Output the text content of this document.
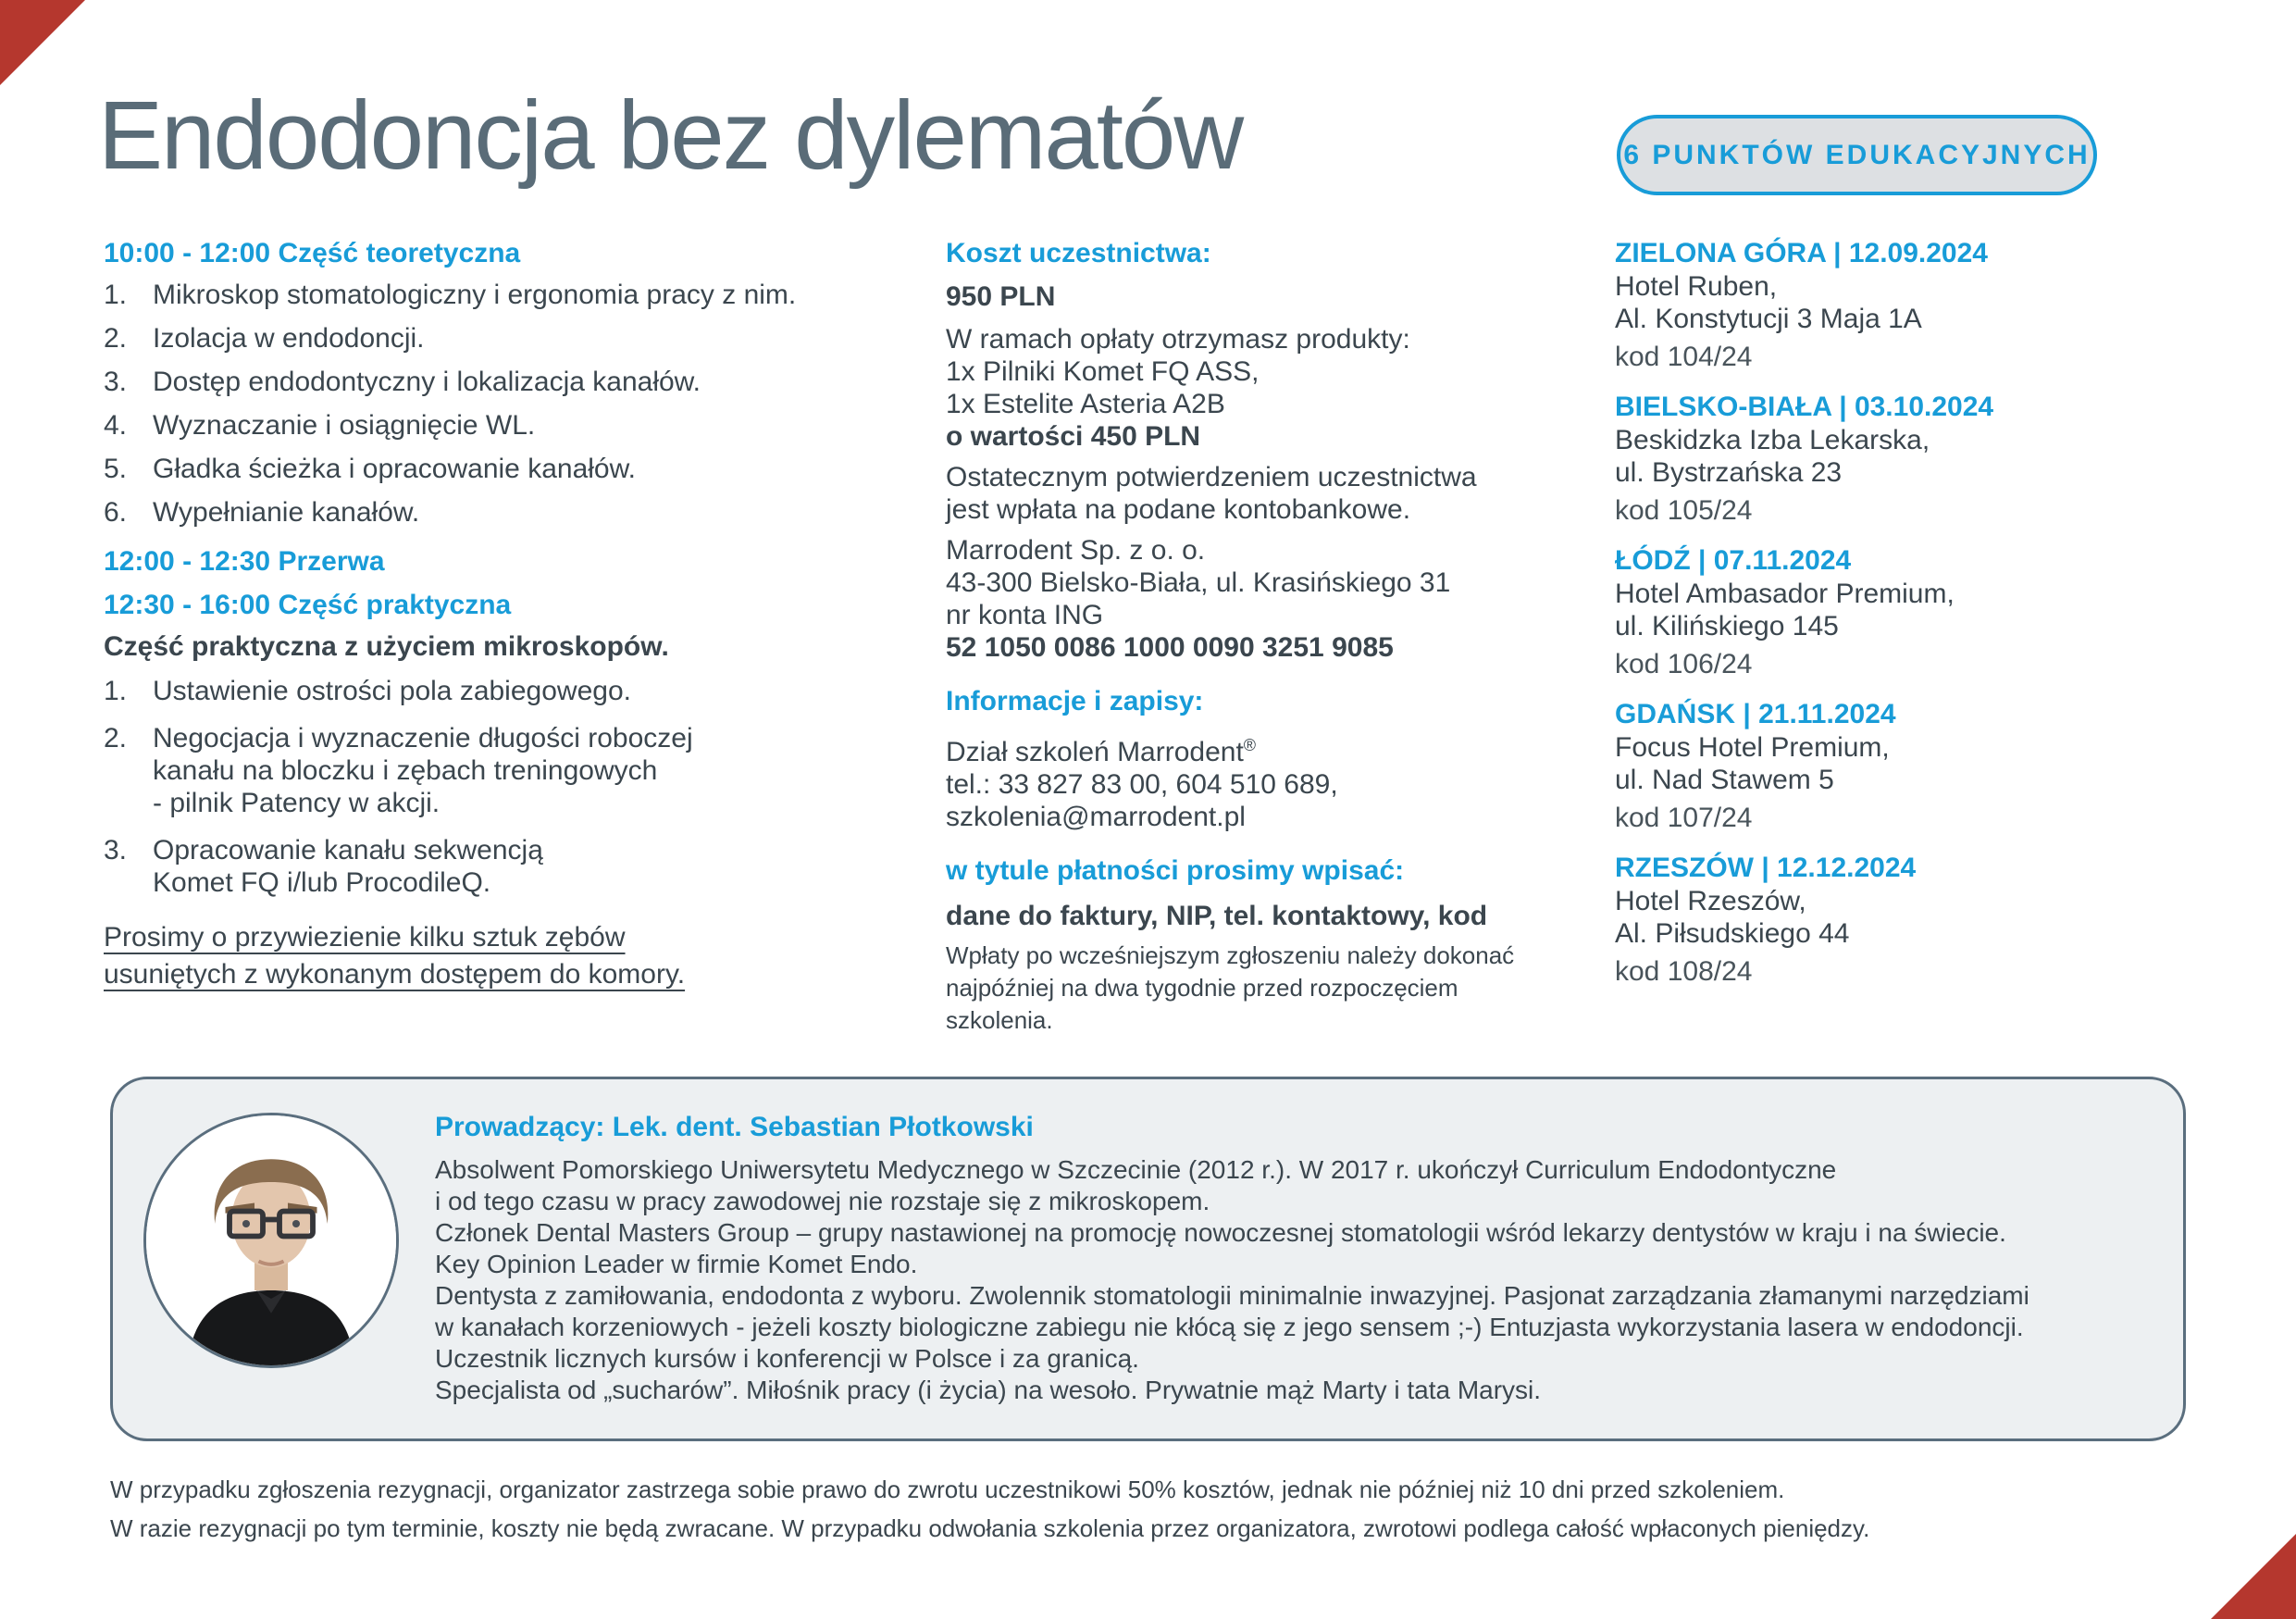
Endodoncja bez dylematów	6 PUNKTÓW EDUKACYJNYCH
10:00 - 12:00 Część teoretyczna
1. Mikroskop stomatologiczny i ergonomia pracy z nim.
2. Izolacja w endodoncji.
3. Dostęp endodontyczny i lokalizacja kanałów.
4. Wyznaczanie i osiągnięcie WL.
5. Gładka ścieżka i opracowanie kanałów.
6. Wypełnianie kanałów.
12:00 - 12:30 Przerwa
12:30 - 16:00 Część praktyczna
Część praktyczna z użyciem mikroskopów.
1. Ustawienie ostrości pola zabiegowego.
2. Negocjacja i wyznaczenie długości roboczej
kanału na bloczku i zębach treningowych
- pilnik Patency w akcji.
3. Opracowanie kanału sekwencją
Komet FQ i/lub ProcodileQ.
Prosimy o przywiezienie kilku sztuk zębów
usuniętych z wykonanym dostępem do komory.
Koszt uczestnictwa:
950 PLN
W ramach opłaty otrzymasz produkty:
1x Pilniki Komet FQ ASS,
1x Estelite Asteria A2B
o wartości 450 PLN
Ostatecznym potwierdzeniem uczestnictwa
jest wpłata na podane kontobankowe.
Marrodent Sp. z o. o.
43-300 Bielsko-Biała, ul. Krasińskiego 31
nr konta ING
52 1050 0086 1000 0090 3251 9085
Informacje i zapisy:
Dział szkoleń Marrodent®
tel.: 33 827 83 00, 604 510 689,
szkolenia@marrodent.pl
w tytule płatności prosimy wpisać:
dane do faktury, NIP, tel. kontaktowy, kod
Wpłaty po wcześniejszym zgłoszeniu należy dokonać
najpóźniej na dwa tygodnie przed rozpoczęciem
szkolenia.
ZIELONA GÓRA | 12.09.2024
Hotel Ruben,
Al. Konstytucji 3 Maja 1A
kod 104/24
BIELSKO-BIAŁA | 03.10.2024
Beskidzka Izba Lekarska,
ul. Bystrzańska 23
kod 105/24
ŁÓDŹ | 07.11.2024
Hotel Ambasador Premium,
ul. Kilińskiego 145
kod 106/24
GDAŃSK | 21.11.2024
Focus Hotel Premium,
ul. Nad Stawem 5
kod 107/24
RZESZÓW | 12.12.2024
Hotel Rzeszów,
Al. Piłsudskiego 44
kod 108/24
Prowadzący: Lek. dent. Sebastian Płotkowski
Absolwent Pomorskiego Uniwersytetu Medycznego w Szczecinie (2012 r.). W 2017 r. ukończył Curriculum Endodontyczne
i od tego czasu w pracy zawodowej nie rozstaje się z mikroskopem.
Członek Dental Masters Group – grupy nastawionej na promocję nowoczesnej stomatologii wśród lekarzy dentystów w kraju i na świecie.
Key Opinion Leader w firmie Komet Endo.
Dentysta z zamiłowania, endodonta z wyboru. Zwolennik stomatologii minimalnie inwazyjnej. Pasjonat zarządzania złamanymi narzędziami
w kanałach korzeniowych - jeżeli koszty biologiczne zabiegu nie kłócą się z jego sensem ;-) Entuzjasta wykorzystania lasera w endodoncji.
Uczestnik licznych kursów i konferencji w Polsce i za granicą.
Specjalista od „sucharów”. Miłośnik pracy (i życia) na wesoło. Prywatnie mąż Marty i tata Marysi.
W przypadku zgłoszenia rezygnacji, organizator zastrzega sobie prawo do zwrotu uczestnikowi 50% kosztów, jednak nie później niż 10 dni przed szkoleniem.
W razie rezygnacji po tym terminie, koszty nie będą zwracane. W przypadku odwołania szkolenia przez organizatora, zwrotowi podlega całość wpłaconych pieniędzy.
